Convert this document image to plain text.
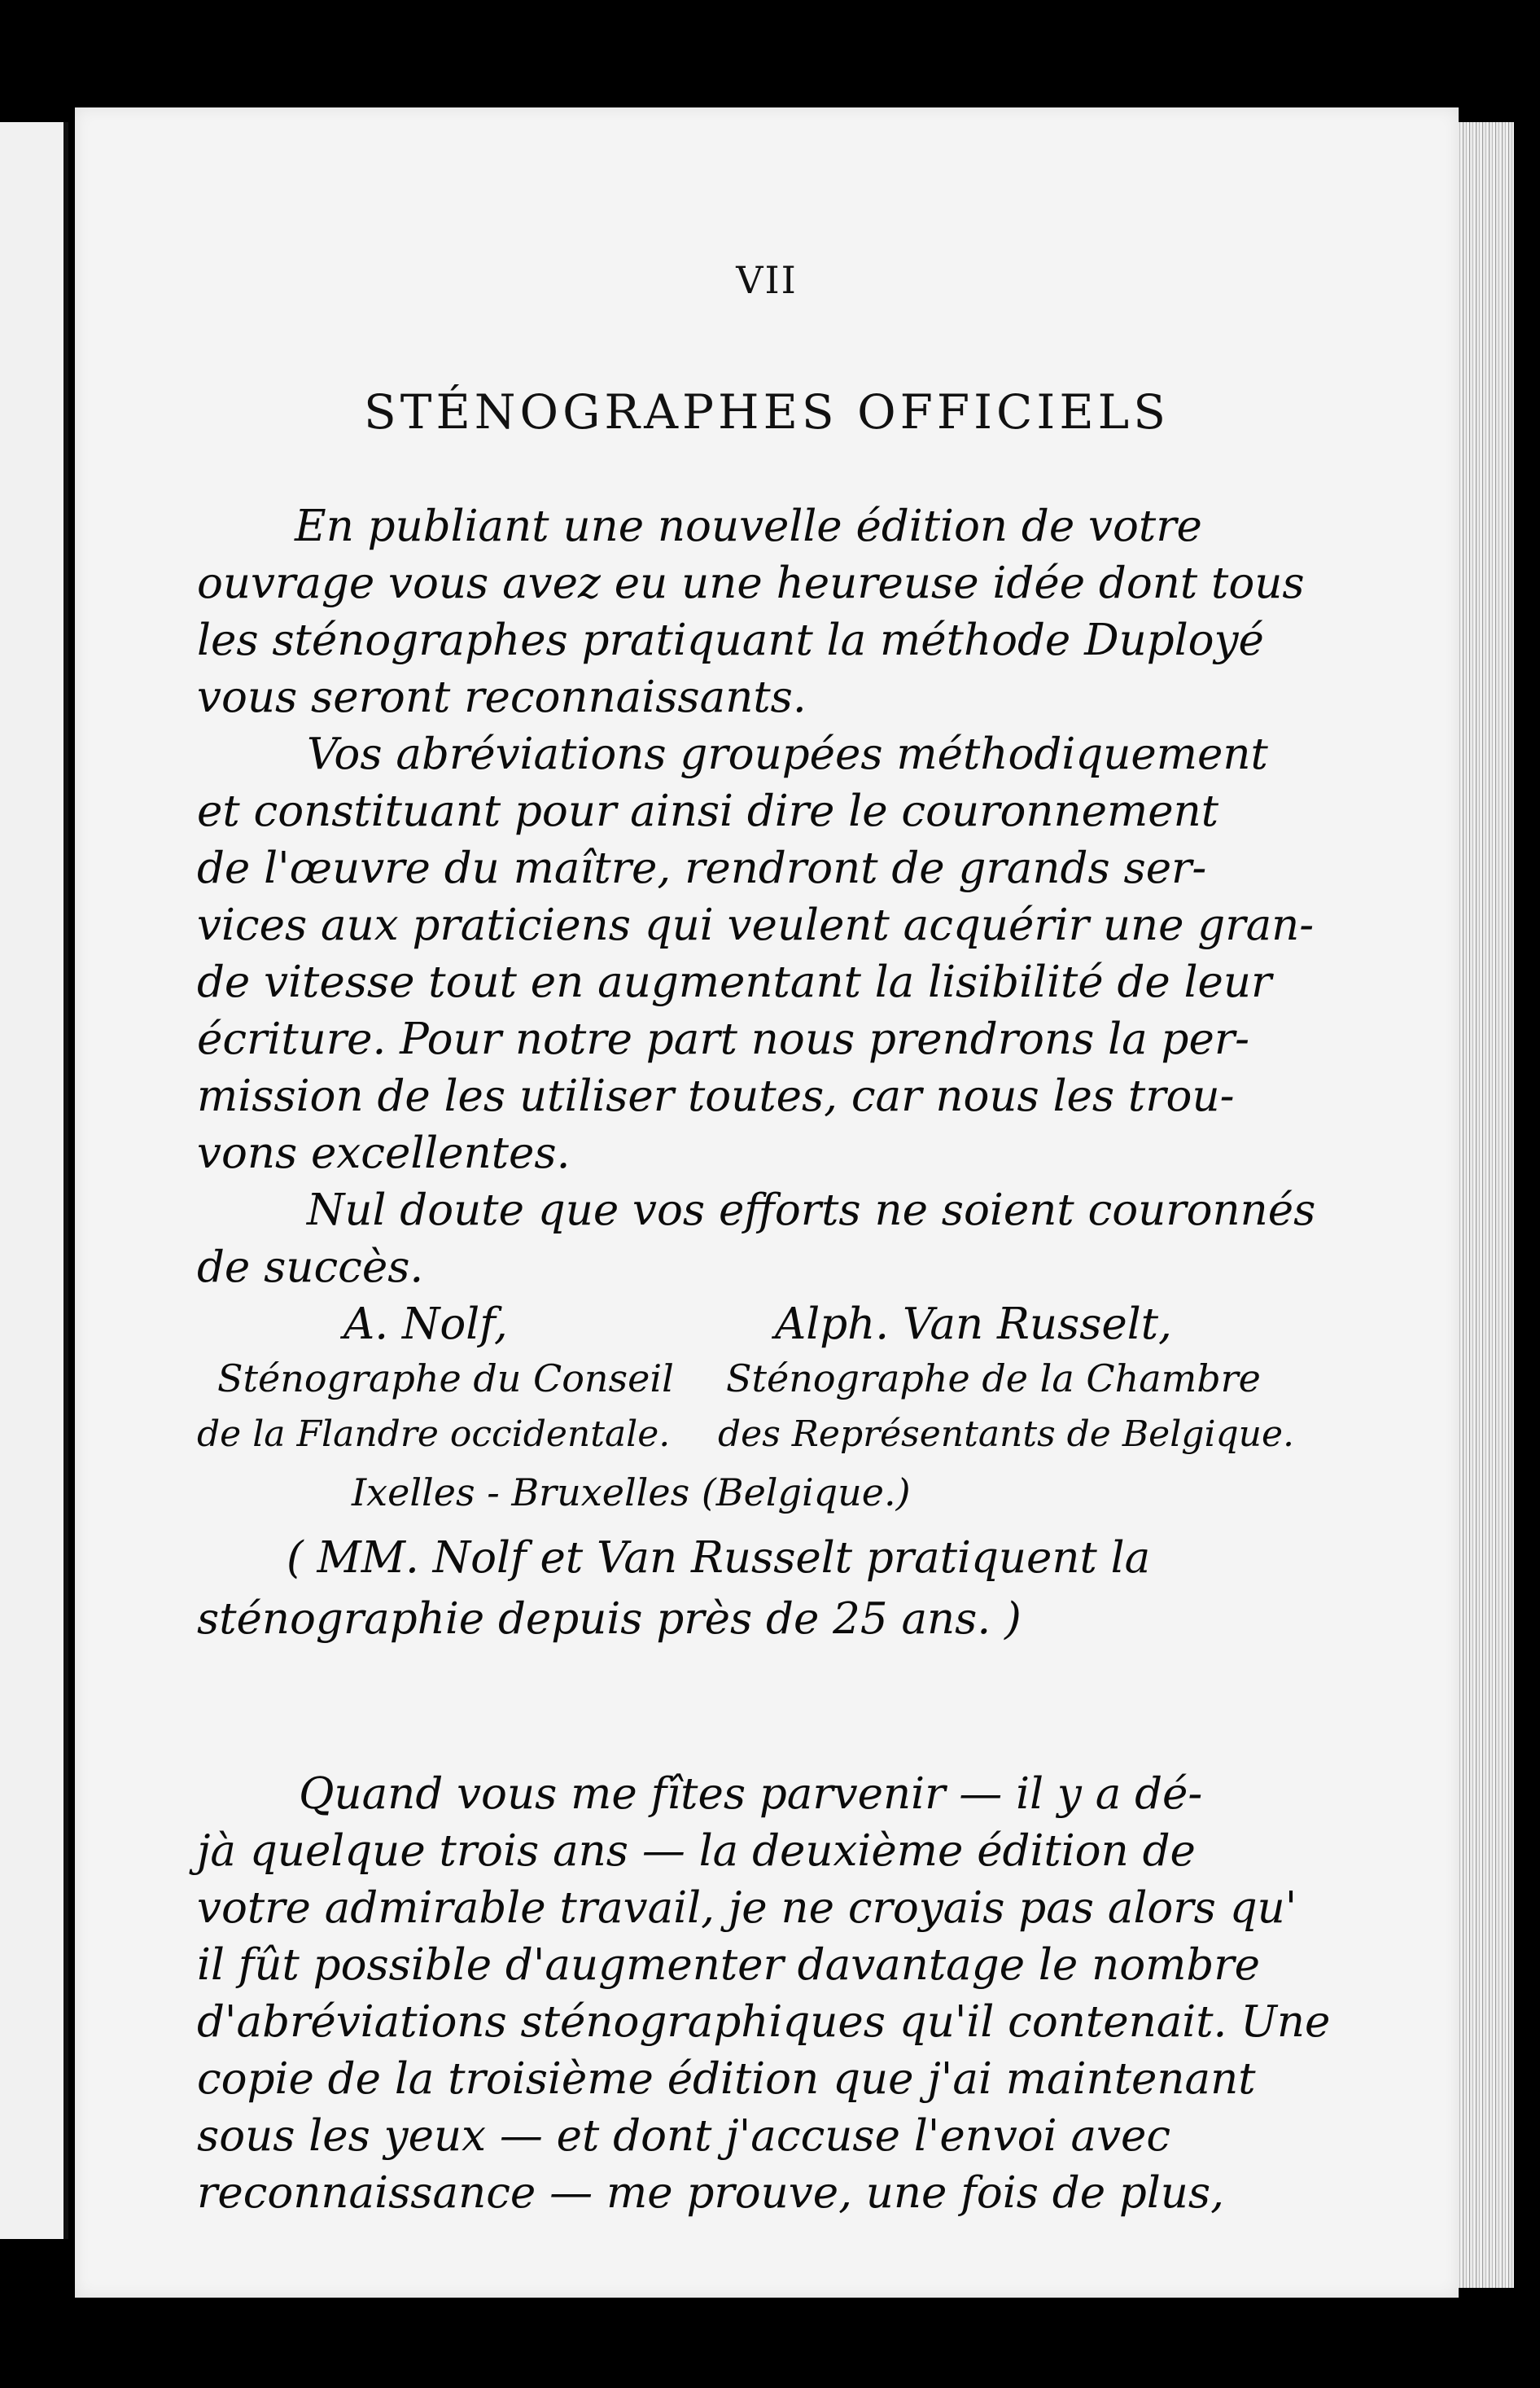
VII
STÉNOGRAPHES OFFICIELS
En publiant une nouvelle édition de votre
ouvrage vous avez eu une heureuse idée dont tous
les sténographes pratiquant la méthode Duployé
vous seront reconnaissants.
Vos abréviations groupées méthodiquement
et constituant pour ainsi dire le couronnement
de l'œuvre du maître, rendront de grands ser-
vices aux praticiens qui veulent acquérir une gran-
de vitesse tout en augmentant la lisibilité de leur
écriture. Pour notre part nous prendrons la per-
mission de les utiliser toutes, car nous les trou-
vons excellentes.
Nul doute que vos efforts ne soient couronnés
de succès.
A. Nolf,
Sténographe du Conseil
de la Flandre occidentale.
Alph. Van Russelt,
Sténographe de la Chambre
des Représentants de Belgique.
Ixelles - Bruxelles (Belgique.)
( MM. Nolf et Van Russelt pratiquent la
sténographie depuis près de 25 ans. )
Quand vous me fîtes parvenir — il y a dé-
jà quelque trois ans — la deuxième édition de
votre admirable travail, je ne croyais pas alors qu'
il fût possible d'augmenter davantage le nombre
d'abréviations sténographiques qu'il contenait. Une
copie de la troisième édition que j'ai maintenant
sous les yeux — et dont j'accuse l'envoi avec
reconnaissance — me prouve, une fois de plus,
